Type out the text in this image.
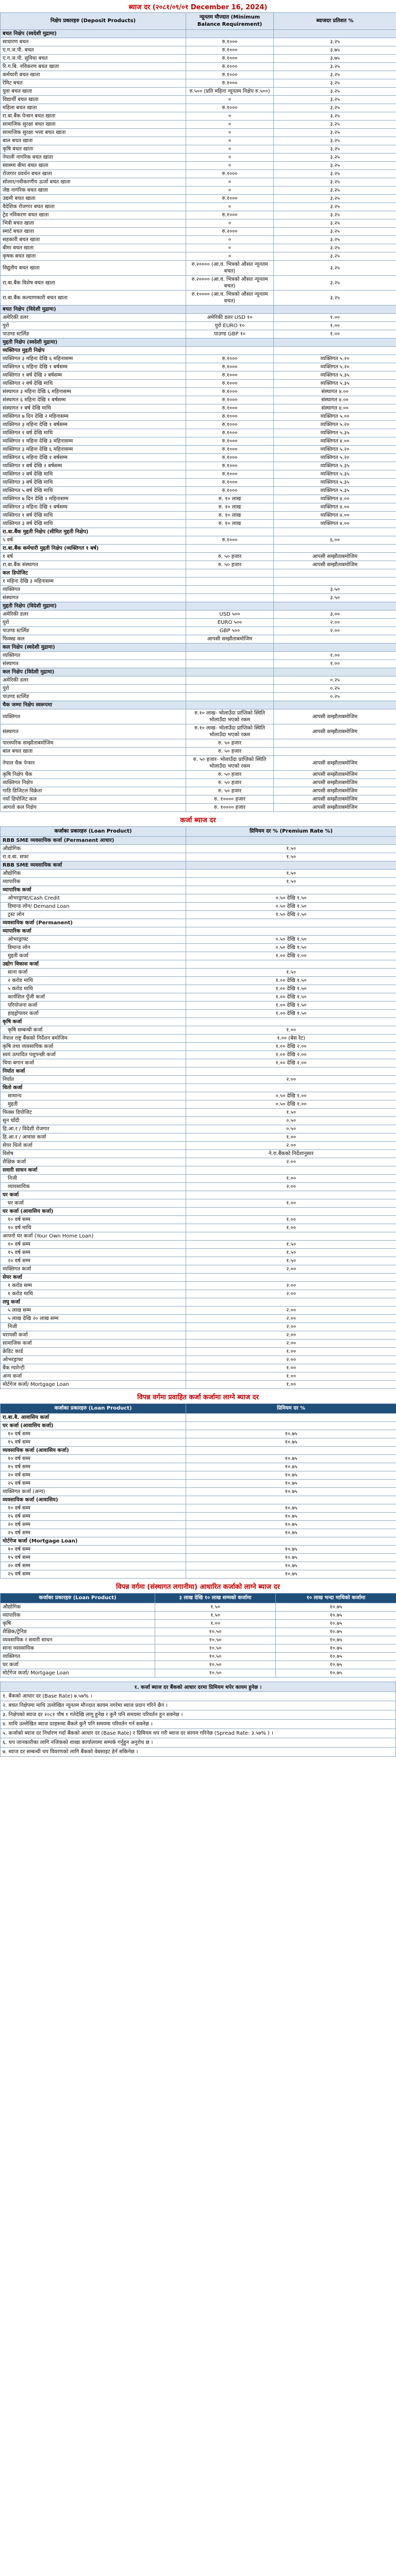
ब्याज दर (२०८१/०९/०१ December 16, 2024)
निक्षेप प्रकारहरु (Deposit Products)	न्यूनतम मौज्दात (Minimum Balance Requirement)	ब्याजदर प्रतिशत %
बचत निक्षेप (स्वदेशी मुद्रामा)		
साधारण बचत	रु.१०००	३.२५
ए.ग.ज.पी. बचत	रु.१०००	३.७५
ए.ग.ज.पी. सुविधा बचत	रु.१०००	३.७५
रि.ग.बि. नविकरण बचत खाता	रु.१०००	३.२५
कर्मचारी बचत खाता	रु.१०००	३.२५
रेमिट बचत	रु.१०००	३.२५
युवा बचत खाता	रु.५०० (प्रति महिना न्यूनतम निक्षेप रु.५००)	३.२५
विद्यार्थी बचत खाता	०	३.२५
महिला बचत खाता	रु.१०००	३.२५
रा.बा.बैंक पेन्सन बचत खाता	०	३.२५
सामाजिक सुरक्षा बचत खाता	०	३.२५
सामाजिक सुरक्षा भत्ता बचत खाता	०	३.२५
बाल बचत खाता	०	३.२५
कृषि बचत खाता	०	३.२५
नेपाली नागरिक बचत खाता	०	३.२५
स्वास्थ्य बीमा बचत खाता	०	३.२५
रोजगार प्रवर्धन बचत खाता	रु.१०००	३.२५
सोलार/नवीकरणीय ऊर्जा बचत खाता	०	३.२५
जेष्ठ नागरिक बचत खाता	०	३.२५
उद्यमी बचत खाता	रु.१०००	३.२५
वैदेशिक रोजगार बचत खाता	०	३.२५
ट्रेड नविकरण बचत खाता	रु.१०००	३.२५
भित्री बचत खाता	०	३.२५
स्मार्ट बचत खाता	रु.२०००	३.२५
सहकारी बचत खाता	०	३.२५
बीमा बचत खाता	०	३.२५
कृषक बचत खाता	०	३.२५
विद्युतीय बचत खाता	रु.२०००० (आ.व. भित्रको औसत न्यूनतम बचत)	३.२५
रा.बा.बैंक विशेष बचत खाता	रु.२०००० (आ.व. भित्रको औसत न्यूनतम बचत)	३.२५
रा.बा.बैंक कल्याणकारी बचत खाता	रु.१०००० (आ.व. भित्रको औसत न्यूनतम बचत)	३.२५
बचत निक्षेप (विदेशी मुद्रामा)		
अमेरिकी डलर	अमेरिकी डलर USD १०	१.००
युरो	युरो EURO १०	१.००
पाउण्ड स्टर्लिङ	पाउण्ड GBP १०	१.००
मुद्दती निक्षेप (स्वदेशी मुद्रामा)		
व्यक्तिगत मुद्दती निक्षेप		
व्यक्तिगत ३ महिना देखि ६ महिनासम्म	रु.१०००	व्यक्तिगत ५.२०
व्यक्तिगत ६ महिना देखि १ बर्षसम्म	रु.१०००	व्यक्तिगत ५.२०
व्यक्तिगत १ बर्ष देखि २ बर्षसम्म	रु.१०००	व्यक्तिगत ५.३५
व्यक्तिगत २ बर्ष देखि माथि	रु.१०००	व्यक्तिगत ५.३५
संस्थागत ३ महिना देखि ६ महिनासम्म	रु.१०००	संस्थागत ४.००
संस्थागत ६ महिना देखि १ बर्षसम्म	रु.१०००	संस्थागत ४.००
संस्थागत १ बर्ष देखि माथि	रु.१०००	संस्थागत ४.००
व्यक्तिगत ७ दिन देखि २ महिनासम्म	रु.१०००	व्यक्तिगत ५.००
व्यक्तिगत ३ महिना देखि १ बर्षसम्म	रु.१०००	व्यक्तिगत ५.२०
व्यक्तिगत १ बर्ष देखि माथि	रु.१०००	व्यक्तिगत ५.३५
व्यक्तिगत १ महिना देखि ३ महिनासम्म	रु.१०००	व्यक्तिगत ४.००
व्यक्तिगत ३ महिना देखि ६ महिनासम्म	रु.१०००	व्यक्तिगत ५.२०
व्यक्तिगत ६ महिना देखि १ बर्षसम्म	रु.१०००	व्यक्तिगत ५.२०
व्यक्तिगत १ बर्ष देखि २ बर्षसम्म	रु.१०००	व्यक्तिगत ५.३५
व्यक्तिगत २ बर्ष देखि माथि	रु.१०००	व्यक्तिगत ५.३५
व्यक्तिगत ३ बर्ष देखि माथि	रु.१०००	व्यक्तिगत ५.३५
व्यक्तिगत ५ बर्ष देखि माथि	रु.१०००	व्यक्तिगत ५.३५
व्यक्तिगत ७ दिन देखि २ महिनासम्म	रु. १० लाख	व्यक्तिगत ४.००
व्यक्तिगत ३ महिना देखि १ बर्षसम्म	रु. १० लाख	व्यक्तिगत ४.००
व्यक्तिगत १ बर्ष देखि माथि	रु. १० लाख	व्यक्तिगत ४.००
व्यक्तिगत ३ बर्ष देखि माथि	रु. १० लाख	व्यक्तिगत ४.००
रा.बा.बैंक मुद्दती निक्षेप (सीमित मुद्दती निक्षेप)		
५ वर्ष	रु.१०००	६.००
रा.बा.बैंक कर्मचारी मुद्दती निक्षेप (व्यक्तिगत १ बर्ष)		
१ बर्ष	रु. ५० हजार	आपसी सम्झौताबमोजिम
रा.बा.बैंक संस्थागत	रु. ५० हजार	आपसी सम्झौताबमोजिम
कल डिपोजिट		
१ महिना देखि ३ महिनासम्म		
व्यक्तिगत		३.५०
संस्थागत		३.५०
मुद्दती निक्षेप (विदेशी मुद्रामा)		
अमेरिकी डलर	USD ५००	३.००
युरो	EURO ५००	२.००
पाउण्ड स्टर्लिङ	GBP ५००	२.००
फिक्स्ड कल	आपसी सम्झौताबमोजिम	
कल निक्षेप (स्वदेशी मुद्रामा)		
व्यक्तिगत		१.००
संस्थागत		१.००
कल निक्षेप (विदेशी मुद्रामा)		
अमेरिकी डलर		०.२५
युरो		०.२५
पाउण्ड स्टर्लिङ		०.२५
चैक जम्मा निक्षेप स्वरूपमा		
व्यक्तिगत	रु.१० लाख- भोलाउँदा प्राप्तिको स्थिति भोलाउँदा भएको रकम	आपसी सम्झौताबमोजिम
संस्थागत	रु.१० लाख- भोलाउँदा प्राप्तिको स्थिति भोलाउँदा भएको रकम	आपसी सम्झौताबमोजिम
पारस्परिक सम्झौताबमोजिम	रु. ५० हजार	
बाल बचत खाता	रु. ५० हजार	
नेपाल चैक पेन्सन	रु. ५० हजार- भोलाउँदा प्राप्तिको स्थिति भोलाउँदा भएको रकम	आपसी सम्झौताबमोजिम
कृषि निक्षेप चैक	रु. ५० हजार	आपसी सम्झौताबमोजिम
व्यक्तिगत निक्षेप	रु. ५० हजार	आपसी सम्झौताबमोजिम
गाडि डिजिटल विक्रेता	रु. ५० हजार	आपसी सम्झौताबमोजिम
नयाँ डिपोजिट कल	रु. १०००० हजार	आपसी सम्झौताबमोजिम
आगतो कल निक्षेप	रु. १०००० हजार	आपसी सम्झौताबमोजिम
कर्जा ब्याज दर
कर्जाका प्रकारहरु (Loan Product)	प्रिमियम दर % (Premium Rate %)
RBB SME व्यवसायिक कर्जा (Permanent आधार)	
औद्योगिक	१.५०
रा.व.बा. सफा	१.५०
RBB SME व्यवसायिक कर्जा	
औद्योगिक	१.५०
व्यापारिक	१.५०
व्यापारिक कर्जा	
ओभरड्राफ्ट/Cash Credit	०.५० देखि १.५०
डिमान्ड लोन/ Demand Loan	०.५० देखि १.५०
ट्रस्ट लोन	१.५० देखि २.५०
व्यवसायिक कर्जा (Permanent)	
व्यापारिक कर्जा	
ओभरड्राफ्ट	०.५० देखि १.५०
डिमान्ड लोन	०.५० देखि १.५०
मुद्दती कर्जा	१.०० देखि २.००
उद्योग विकास कर्जा	
साना कर्जा	१.५०
२ करोड माथि	१.०० देखि १.५०
५ करोड माथि	१.०० देखि १.५०
कार्यशिल पुँजी कर्जा	१.०० देखि १.५०
परियोजना कर्जा	१.०० देखि १.५०
हाइड्रोपावर कर्जा	१.०० देखि १.५०
कृषि कर्जा	
कृषि सम्बन्धी कर्जा	१.००
नेपाल राष्ट्र बैंकको निर्देशन बमोजिम	१.०० (बेस रेट)
कृषि तथा व्यवसायिक कर्जा	१.०० देखि २.००
स्वयं उत्पादित पशुपन्छी कर्जा	१.०० देखि २.००
चिया बगान कर्जा	१.०० देखि २.००
निर्यात कर्जा	
निर्यात	२.००
धितो कर्जा	
सामान्य	०.५० देखि १.००
मुद्दती	०.५० देखि १.००
फिक्स डिपोजिट	१.५०
सुन चाँदी	०.५०
हि.आ.र / विदेशी रोजगार	०.५०
हि.आ.र / आवास कर्जा	१.००
सेयर धितो कर्जा	२.००
विशेष	ने.रा.बैंकको निर्देशानुसार
शैक्षिक कर्जा	२.००
सवारी साधन कर्जा	
निजी	१.००
व्यावसायिक	२.००
घर कर्जा	
घर कर्जा	१.००
घर कर्जा (आवासिय कर्जा)	
१० वर्ष सम्म	१.००
१० वर्ष माथि	१.००
आफ्नो घर कर्जा (Your Own Home Loan)	
१० वर्ष सम्म	१.५०
१५ वर्ष सम्म	१.५०
२० वर्ष सम्म	१.५०
व्यक्तिगत कर्जा	२.००
सेयर कर्जा	
१ करोड सम्म	२.००
१ करोड माथि	२.००
लघु कर्जा	
५ लाख सम्म	२.००
५ लाख देखि २० लाख सम्म	२.००
निजी	२.००
घरायसी कर्जा	२.००
सामाजिक कर्जा	२.००
क्रेडिट कार्ड	१.००
ओभरड्राफ्ट	२.००
बैंक ग्यारेन्टी	१.००
अन्य कर्जा	१.००
मोर्टगेज कर्जा/ Mortgage Loan	१.००
विपन्न वर्गमा प्रवाहित कर्जा कर्जामा लाग्ने ब्याज दर
कर्जाका प्रकारहरु (Loan Product)	प्रिमियम दर %
रा.बा.बै. आवासिय कर्जा	
घर कर्जा (आवासिय कर्जा)	
१० वर्ष सम्म	१०.७५
१५ वर्ष सम्म	१०.७५
व्यवसायिक कर्जा (आवासिय कर्जा)	
१० वर्ष सम्म	१०.७५
१५ वर्ष सम्म	१०.७५
२० वर्ष सम्म	१०.७५
२५ वर्ष सम्म	१०.७५
व्यक्तिगत कर्जा (अन्य)	१०.७५
व्यवसायिक कर्जा (आवासिय)	
१० वर्ष सम्म	१०.७५
१५ वर्ष सम्म	१०.७५
२० वर्ष सम्म	१०.७५
२५ वर्ष सम्म	१०.७५
मोर्टगेज कर्जा (Mortgage Loan)	
१० वर्ष सम्म	१०.७५
१५ वर्ष सम्म	१०.७५
२० वर्ष सम्म	१०.७५
२५ वर्ष सम्म	१०.७५
विपन्न वर्गमा (संस्थागत लगानीमा) आधारित कर्जाको लाग्ने ब्याज दर
कर्जाका प्रकारहरु (Loan Product)	३ लाख देखि १० लाख सम्मको कर्जामा	१० लाख भन्दा माथिको कर्जामा
औद्योगिक	१.५०	१०.७५
व्यापारिक	१.५०	१०.७५
कृषि	१.००	१०.७५
शैक्षिक/ट्रेनिङ	१०.५०	१०.७५
व्यवसायिक र सवारी साधन	१०.५०	१०.७५
साना व्यवसायिक	१०.५०	१०.७५
व्यक्तिगत	१०.५०	१०.७५
घर कर्जा	१०.५०	१०.७५
मोर्टगेज कर्जा/ Mortgage Loan	१०.५०	१०.७५
१. कर्जा ब्याज दर बैंकको आधार दरमा प्रिमियम थपेर कायम हुनेछ ।
१. बैंकको आधार दर (Base Rate) ७.५७% ।
२. बचत निक्षेपमा माथि उल्लेखित न्यूनतम मौज्दात कायम नगरेमा ब्याज प्रदान गरिने छैन ।
३. निक्षेपको ब्याज दर २०८१ पौष १ गतेदेखि लागू हुनेछ र कुनै पनि समयमा परिवर्तन हुन सक्नेछ ।
४. माथि उल्लेखित ब्याज दरहरूमा बैंकले कुनै पनि समयमा परिवर्तन गर्न सक्नेछ ।
५. कर्जाको ब्याज दर निर्धारण गर्दा बैंकको आधार दर (Base Rate) र प्रिमियम थप गरी ब्याज दर कायम गरिनेछ (Spread Rate: ३.५७% ) ।
६. थप जानकारीका लागि नजिकको शाखा कार्यालयमा सम्पर्क गर्नुहुन अनुरोध छ ।
७. ब्याज दर सम्बन्धी थप विवरणको लागि बैंकको वेबसाइट हेर्न सकिनेछ ।
